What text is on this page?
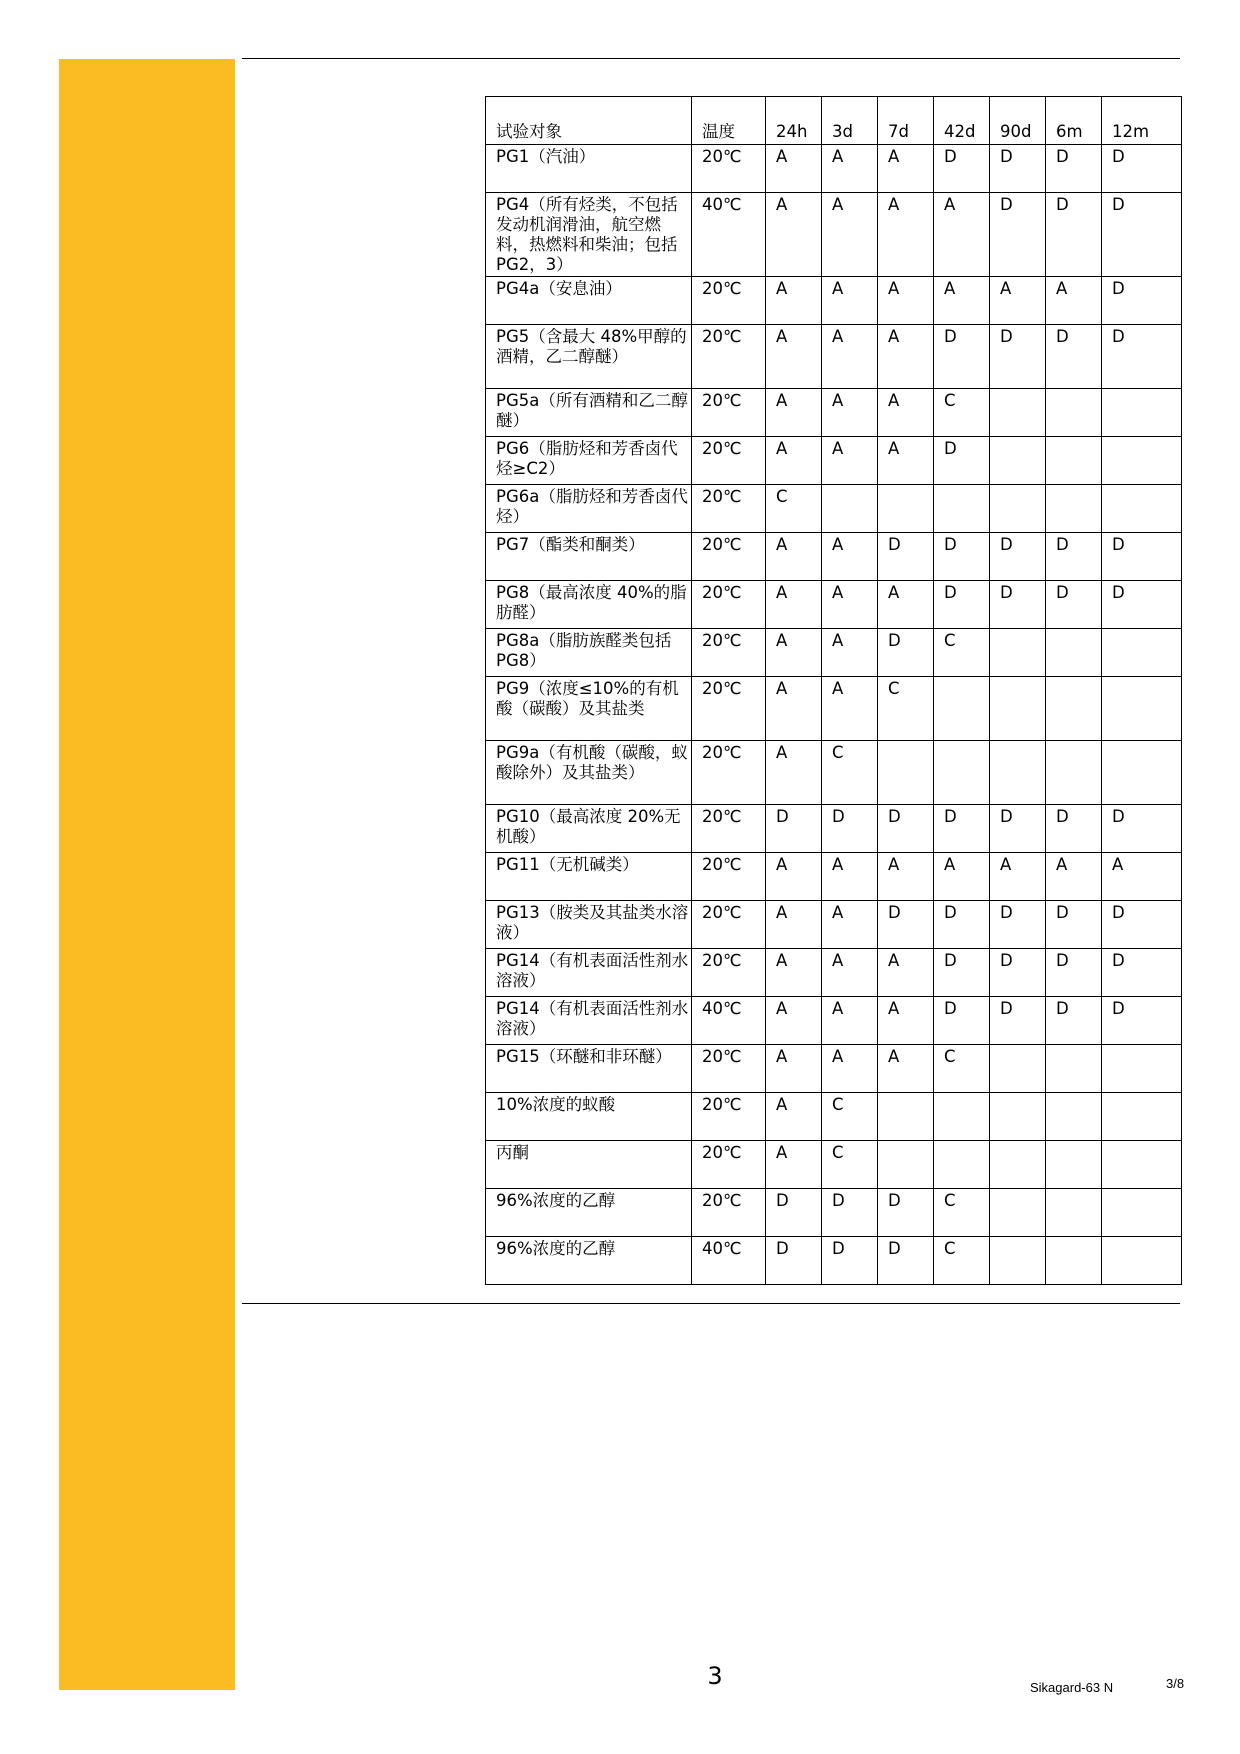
试验对象	温度	24h	3d	7d	42d	90d	6m	12m
PG1（汽油）	20℃	A	A	A	D	D	D	D
PG4（所有烃类，不包括发动机润滑油，航空燃料，热燃料和柴油；包括 PG2，3）	40℃	A	A	A	A	D	D	D
PG4a（安息油）	20℃	A	A	A	A	A	A	D
PG5（含最大 48%甲醇的酒精，乙二醇醚）	20℃	A	A	A	D	D	D	D
PG5a（所有酒精和乙二醇醚）	20℃	A	A	A	C			
PG6（脂肪烃和芳香卤代烃≥C2）	20℃	A	A	A	D			
PG6a（脂肪烃和芳香卤代烃）	20℃	C						
PG7（酯类和酮类）	20℃	A	A	D	D	D	D	D
PG8（最高浓度 40%的脂肪醛）	20℃	A	A	A	D	D	D	D
PG8a（脂肪族醛类包括 PG8）	20℃	A	A	D	C			
PG9（浓度≤10%的有机酸（碳酸）及其盐类	20℃	A	A	C				
PG9a（有机酸（碳酸，蚁酸除外）及其盐类）	20℃	A	C					
PG10（最高浓度 20%无机酸）	20℃	D	D	D	D	D	D	D
PG11（无机碱类）	20℃	A	A	A	A	A	A	A
PG13（胺类及其盐类水溶液）	20℃	A	A	D	D	D	D	D
PG14（有机表面活性剂水溶液）	20℃	A	A	A	D	D	D	D
PG14（有机表面活性剂水溶液）	40℃	A	A	A	D	D	D	D
PG15（环醚和非环醚）	20℃	A	A	A	C			
10%浓度的蚁酸	20℃	A	C					
丙酮	20℃	A	C					
96%浓度的乙醇	20℃	D	D	D	C			
96%浓度的乙醇	40℃	D	D	D	C			
3	Sikagard-63 N	3/8
